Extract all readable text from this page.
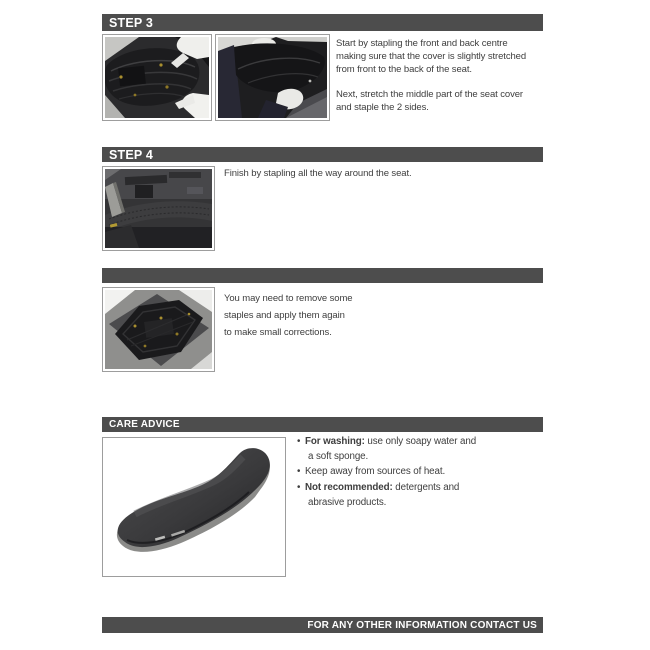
STEP 3
Start by stapling the front and back centre
making sure that the cover is slightly stretched
from front to the back of the seat.
Next, stretch the middle part of the seat cover
and staple the 2 sides.
STEP 4
Finish by stapling all the way around the seat.
You may need to remove some
staples and apply them again
to make small corrections.
CARE ADVICE
• For washing: use only soapy water and
a soft sponge.
• Keep away from sources of heat.
• Not recommended: detergents and
abrasive products.
FOR ANY OTHER INFORMATION CONTACT US
